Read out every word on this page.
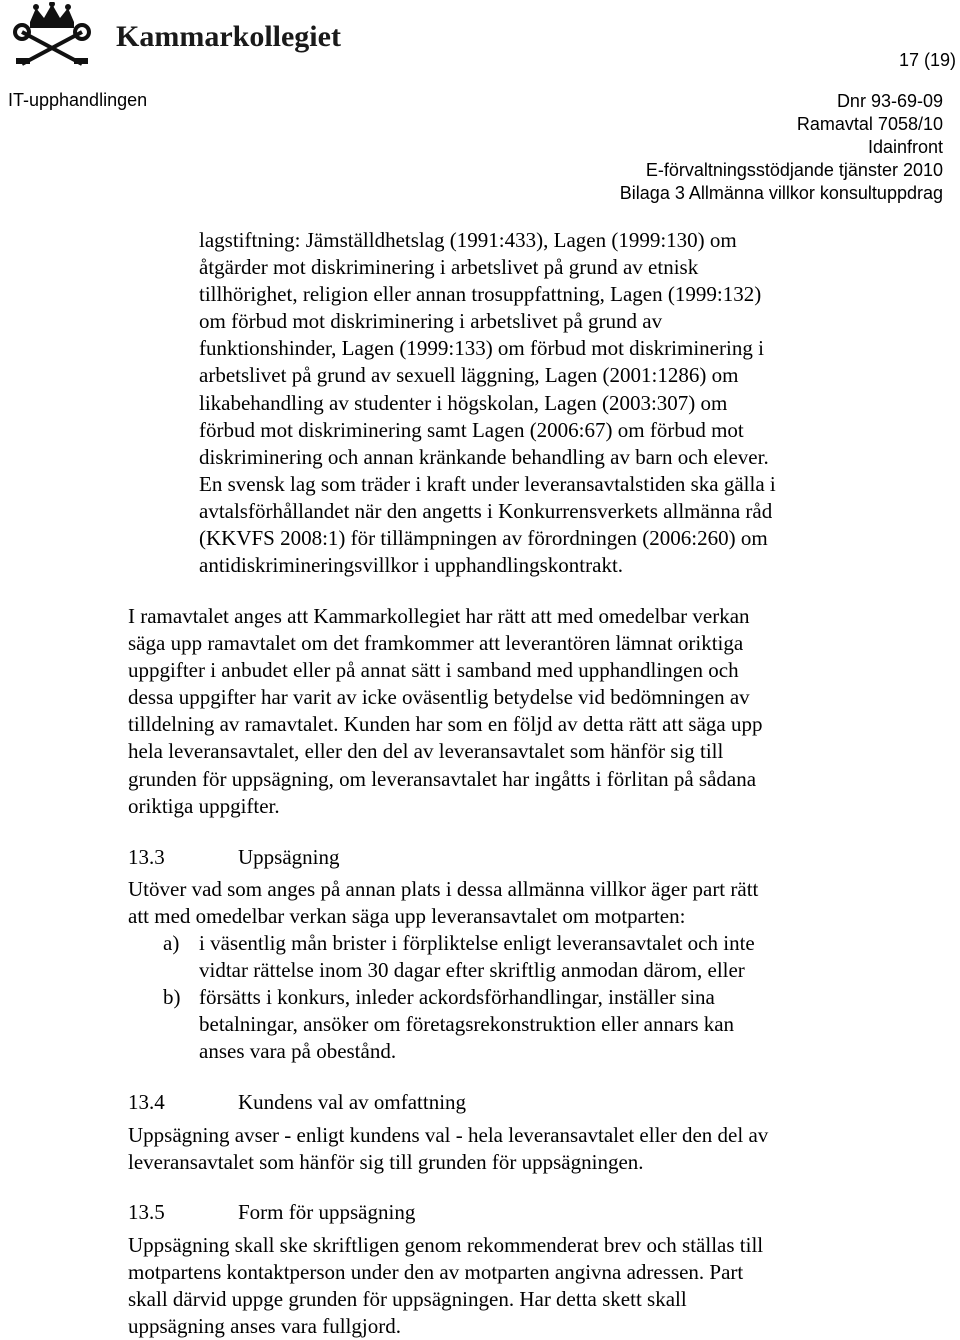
Kammarkollegiet
17 (19)
IT-upphandlingen	Dnr 93-69-09
Ramavtal 7058/10
Idainfront
E-förvaltningsstödjande tjänster 2010
Bilaga 3 Allmänna villkor konsultuppdrag
lagstiftning: Jämställdhetslag (1991:433), Lagen (1999:130) om
åtgärder mot diskriminering i arbetslivet på grund av etnisk
tillhörighet, religion eller annan trosuppfattning, Lagen (1999:132)
om förbud mot diskriminering i arbetslivet på grund av
funktionshinder, Lagen (1999:133) om förbud mot diskriminering i
arbetslivet på grund av sexuell läggning, Lagen (2001:1286) om
likabehandling av studenter i högskolan, Lagen (2003:307) om
förbud mot diskriminering samt Lagen (2006:67) om förbud mot
diskriminering och annan kränkande behandling av barn och elever.
En svensk lag som träder i kraft under leveransavtalstiden ska gälla i
avtalsförhållandet när den angetts i Konkurrensverkets allmänna råd
(KKVFS 2008:1) för tillämpningen av förordningen (2006:260) om
antidiskrimineringsvillkor i upphandlingskontrakt.
I ramavtalet anges att Kammarkollegiet har rätt att med omedelbar verkan
säga upp ramavtalet om det framkommer att leverantören lämnat oriktiga
uppgifter i anbudet eller på annat sätt i samband med upphandlingen och
dessa uppgifter har varit av icke oväsentlig betydelse vid bedömningen av
tilldelning av ramavtalet. Kunden har som en följd av detta rätt att säga upp
hela leveransavtalet, eller den del av leveransavtalet som hänför sig till
grunden för uppsägning, om leveransavtalet har ingåtts i förlitan på sådana
oriktiga uppgifter.
13.3	Uppsägning
Utöver vad som anges på annan plats i dessa allmänna villkor äger part rätt
att med omedelbar verkan säga upp leveransavtalet om motparten:
a) i väsentlig mån brister i förpliktelse enligt leveransavtalet och inte
vidtar rättelse inom 30 dagar efter skriftlig anmodan därom, eller
b) försätts i konkurs, inleder ackordsförhandlingar, inställer sina
betalningar, ansöker om företagsrekonstruktion eller annars kan
anses vara på obestånd.
13.4	Kundens val av omfattning
Uppsägning avser - enligt kundens val - hela leveransavtalet eller den del av
leveransavtalet som hänför sig till grunden för uppsägningen.
13.5	Form för uppsägning
Uppsägning skall ske skriftligen genom rekommenderat brev och ställas till
motpartens kontaktperson under den av motparten angivna adressen. Part
skall därvid uppge grunden för uppsägningen. Har detta skett skall
uppsägning anses vara fullgjord.
